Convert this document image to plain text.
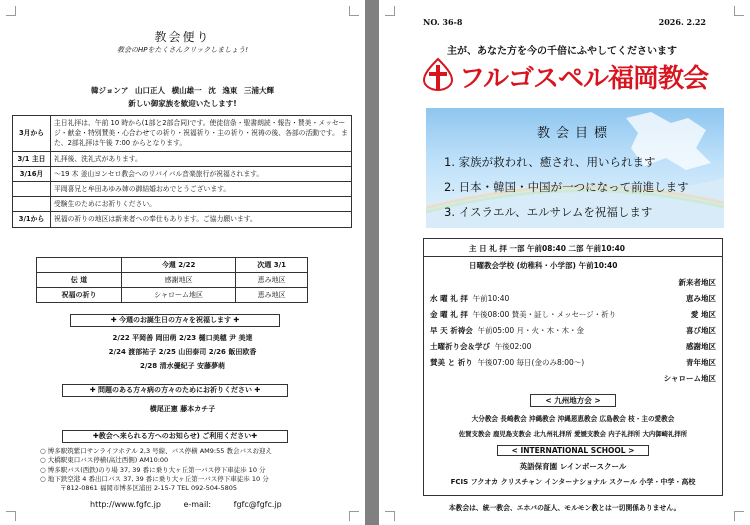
教会便り
教会のHPをたくさんクリックしましょう!
韓ジョンア 山口正人 横山雄一 沈 逸東 三浦大輝
新しい御家族を歓迎いたします!
3月から	主日礼拝は、午前 10 時から(1部と2部合同)です。使徒信条・聖書朗読・報告・賛美・メッセージ・献金・特別賛美・心合わせての祈り・祝福祈り・主の祈り・祝祷の後、各部の活動です。 また、2部礼拝は午後 7:00 からとなります。
3/1 主日	礼拝後、洗礼式があります。
3/16月	～19 木 釜山ヨンセロ教会へのリバイバル音楽旅行が祝福されます。
	平岡喜兄と牟田あゆみ姉の御結婚おめでとうございます。
	受験生のためにお祈りください。
3/1から	祝福の祈りの地区は新来者への奉仕もあります。ご協力願います。
	今週 2/22	次週 3/1
伝 道	感謝地区	恵み地区
祝福の祈り	シャローム地区	恵み地区
✚ 今週のお誕生日の方々を祝福します ✚
2/22 平岡善 岡田萌 2/23 樋口美穂 尹 美達
2/24 渡部祐子 2/25 山田泰司 2/26 飯田欧香
2/28 清水優紀子 安藤夢萌
✚ 問題のある方々病の方々のためにお祈りください ✚
横尾正憲 藤本カチ子
✚教会へ来られる方へのお知らせ) ご利用ください✚
○ 博多駅筑紫口サンライフホテル 2,3 号線、バス停横 AM9:55 教会バスお迎え
○ 大橋駅東口バス停横(高辻西側) AM10:00
○ 博多駅バス(西鉄)のり場 37, 39 番に乗り大ヶ丘第一バス停下車徒歩 10 分
○ 地下鉄空港 4 番出口バス 37, 39 番に乗り大ヶ丘第一バス停下車徒歩 10 分
〒812-0861 福岡市博多区浦田 2-15-7 TEL 092-504-5805
http://www.fgfc.jp	e-mail: fgfc@fgfc.jp
NO. 36-8	2026. 2.22
主が、あなた方を今の千倍にふやしてくださいます
フルゴスペル福岡教会
教会目標
1. 家族が救われ、癒され、用いられます
2. 日本・韓国・中国が一つになって前進します
3. イスラエル、エルサレムを祝福します
主 日 礼 拝 一部 午前08:40 二部 午前10:40
日曜教会学校 (幼稚科・小学部) 午前10:40
新来者地区
水 曜 礼 拝 午前10:40	恵み地区
金 曜 礼 拝 午後08:00 賛美・証し・メッセージ・祈り	愛 地区
早 天 祈祷会 午前05:00 月・火・木・木・金	喜び地区
土曜祈り会＆学び 午後02:00	感謝地区
賛美 と 祈り 午後07:00 毎日(金のみ8:00～)	青年地区
シャローム地区
< 九州地方会 >
大分教会 長崎教会 沖縄教会 沖縄恩恵教会 広島教会 枝・主の愛教会
佐賀支教会 鹿児島支教会 北九州礼拝所 愛媛支教会 内子礼拝所 大内御崎礼拝所
< INTERNATIONAL SCHOOL >
英語保育園 レインボースクール
FCIS フクオカ クリスチャン インターナショナル スクール 小学・中学・高校
本教会は、統一教会、エホバの証人、モルモン教とは一切関係ありません。
